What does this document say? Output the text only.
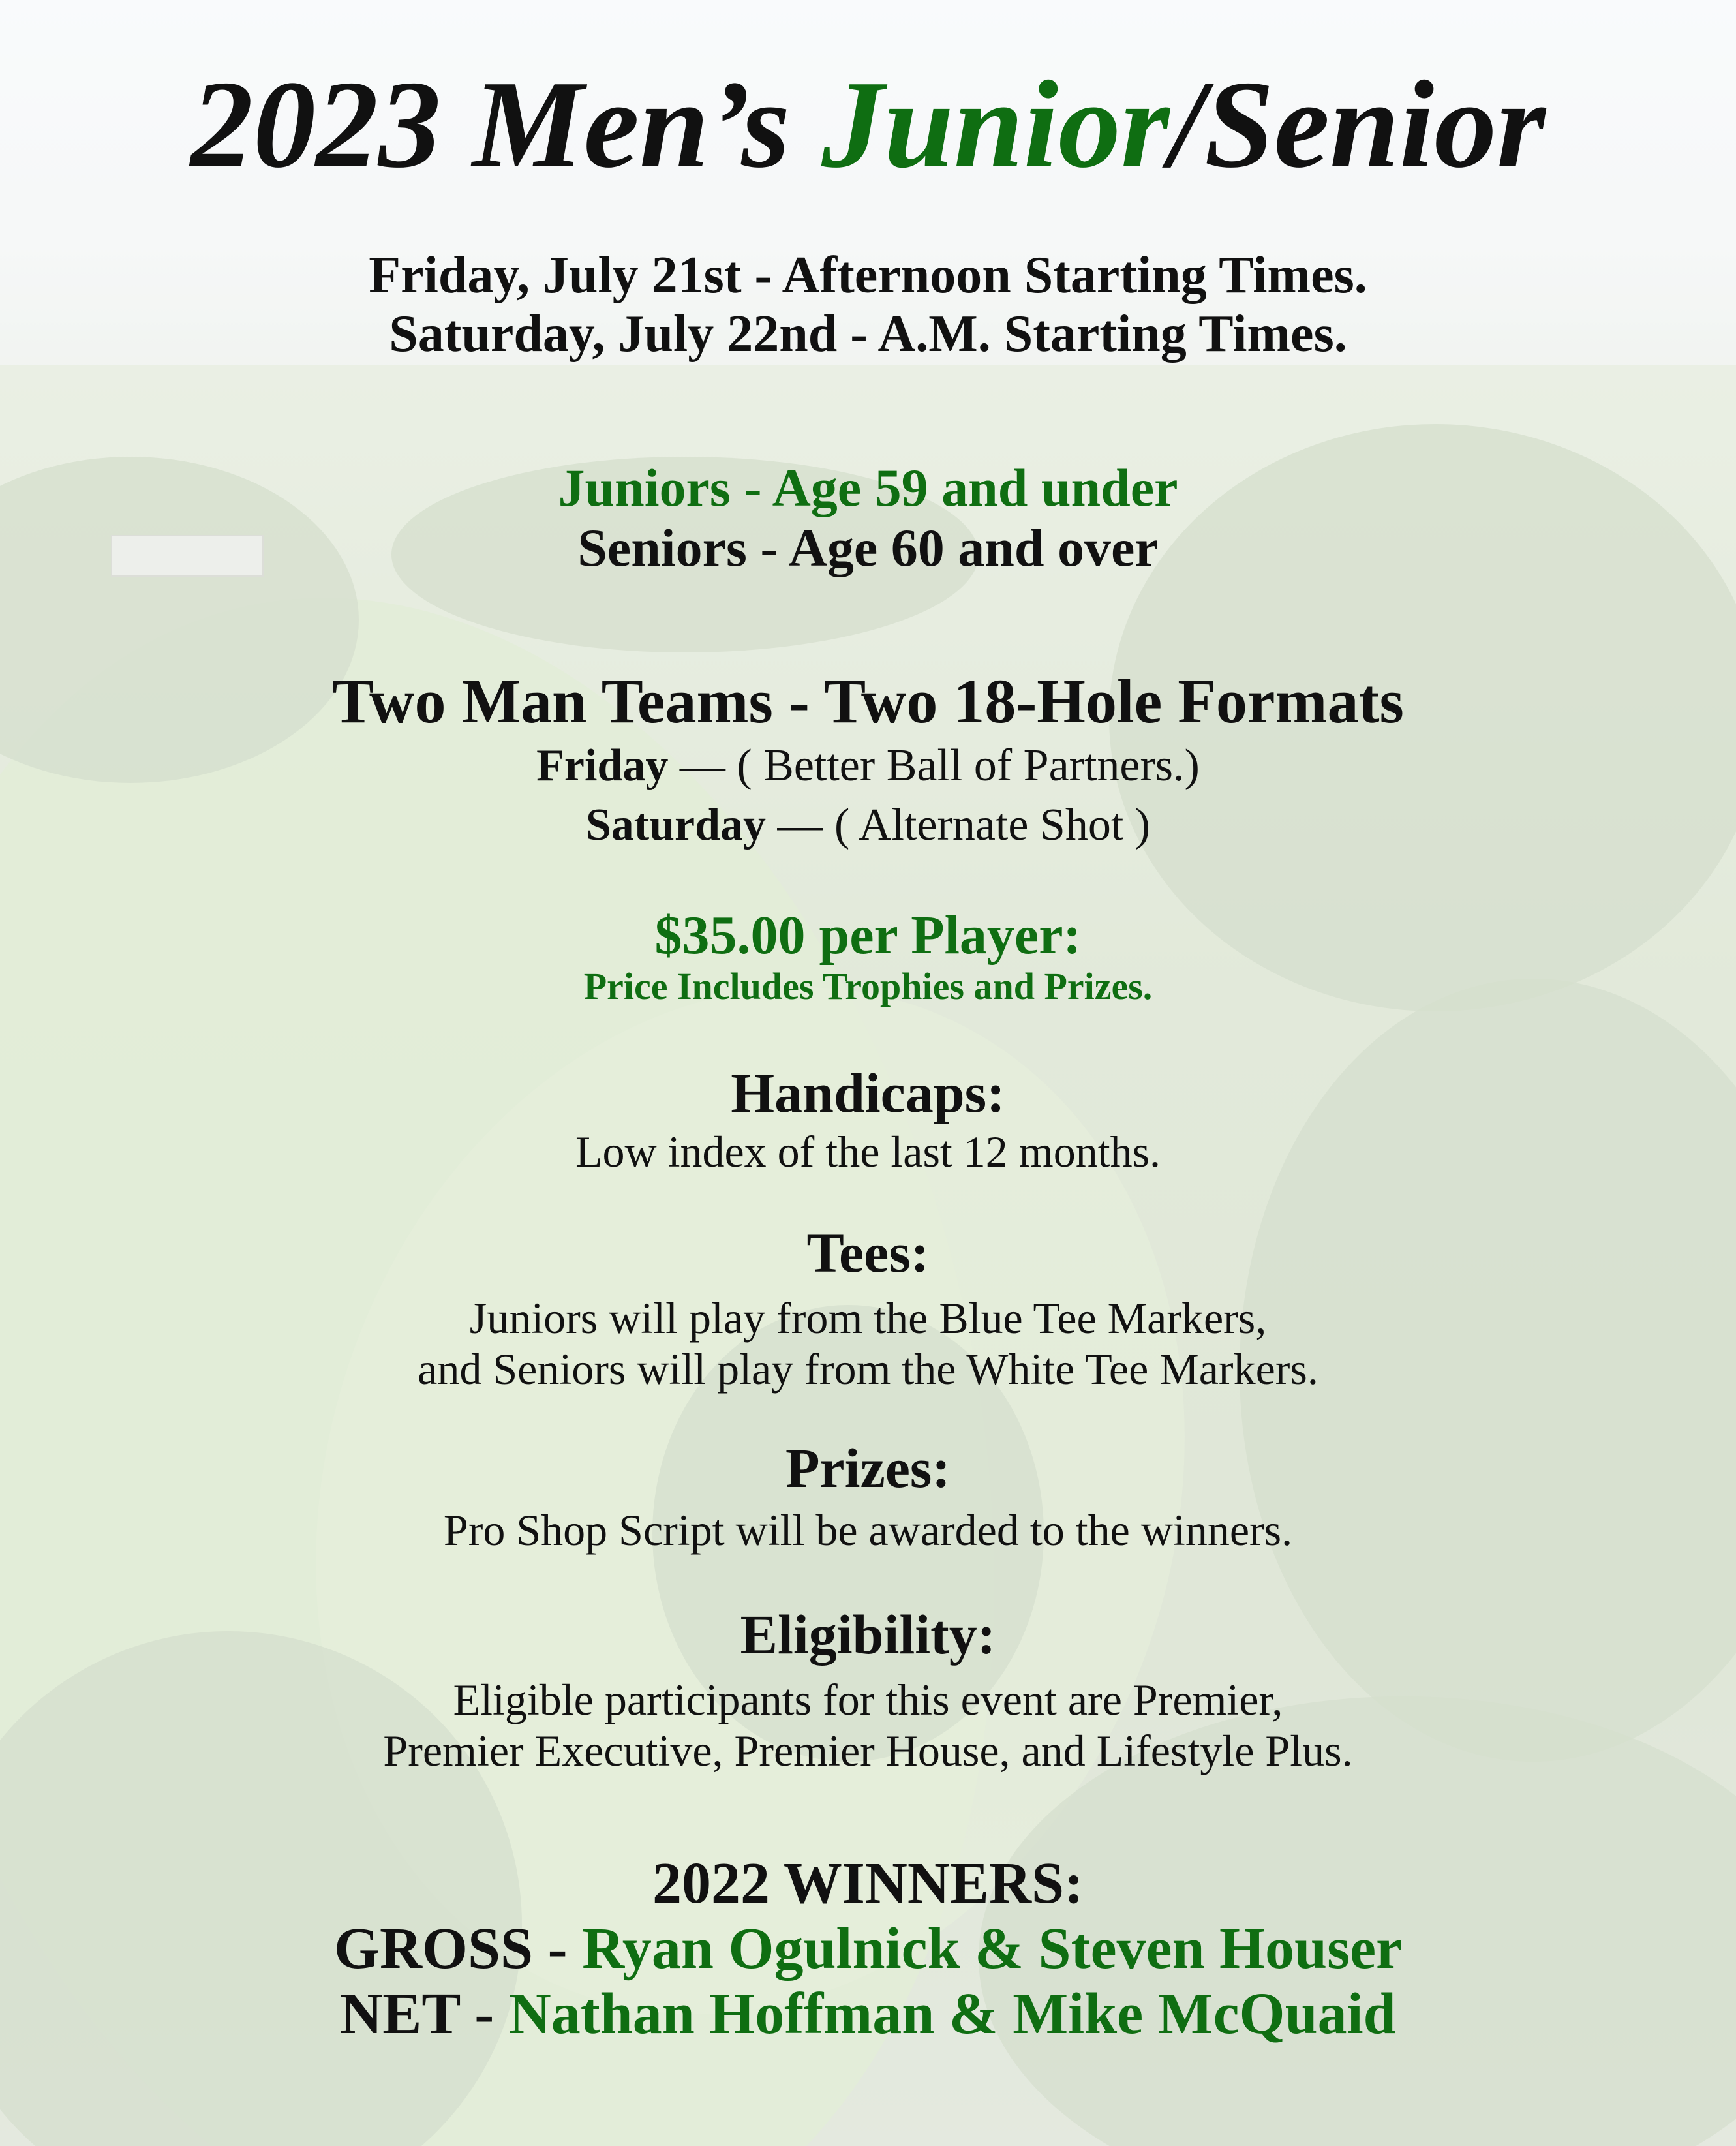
2023 Men’s Junior/Senior
Friday, July 21st - Afternoon Starting Times.
Saturday, July 22nd - A.M. Starting Times.
Juniors - Age 59 and under
Seniors - Age 60 and over
Two Man Teams - Two 18-Hole Formats
Friday — ( Better Ball of Partners.)
Saturday — ( Alternate Shot )
$35.00 per Player:
Price Includes Trophies and Prizes.
Handicaps:
Low index of the last 12 months.
Tees:
Juniors will play from the Blue Tee Markers,
and Seniors will play from the White Tee Markers.
Prizes:
Pro Shop Script will be awarded to the winners.
Eligibility:
Eligible participants for this event are Premier,
Premier Executive, Premier House, and Lifestyle Plus.
2022 WINNERS:
GROSS - Ryan Ogulnick & Steven Houser
NET - Nathan Hoffman & Mike McQuaid
